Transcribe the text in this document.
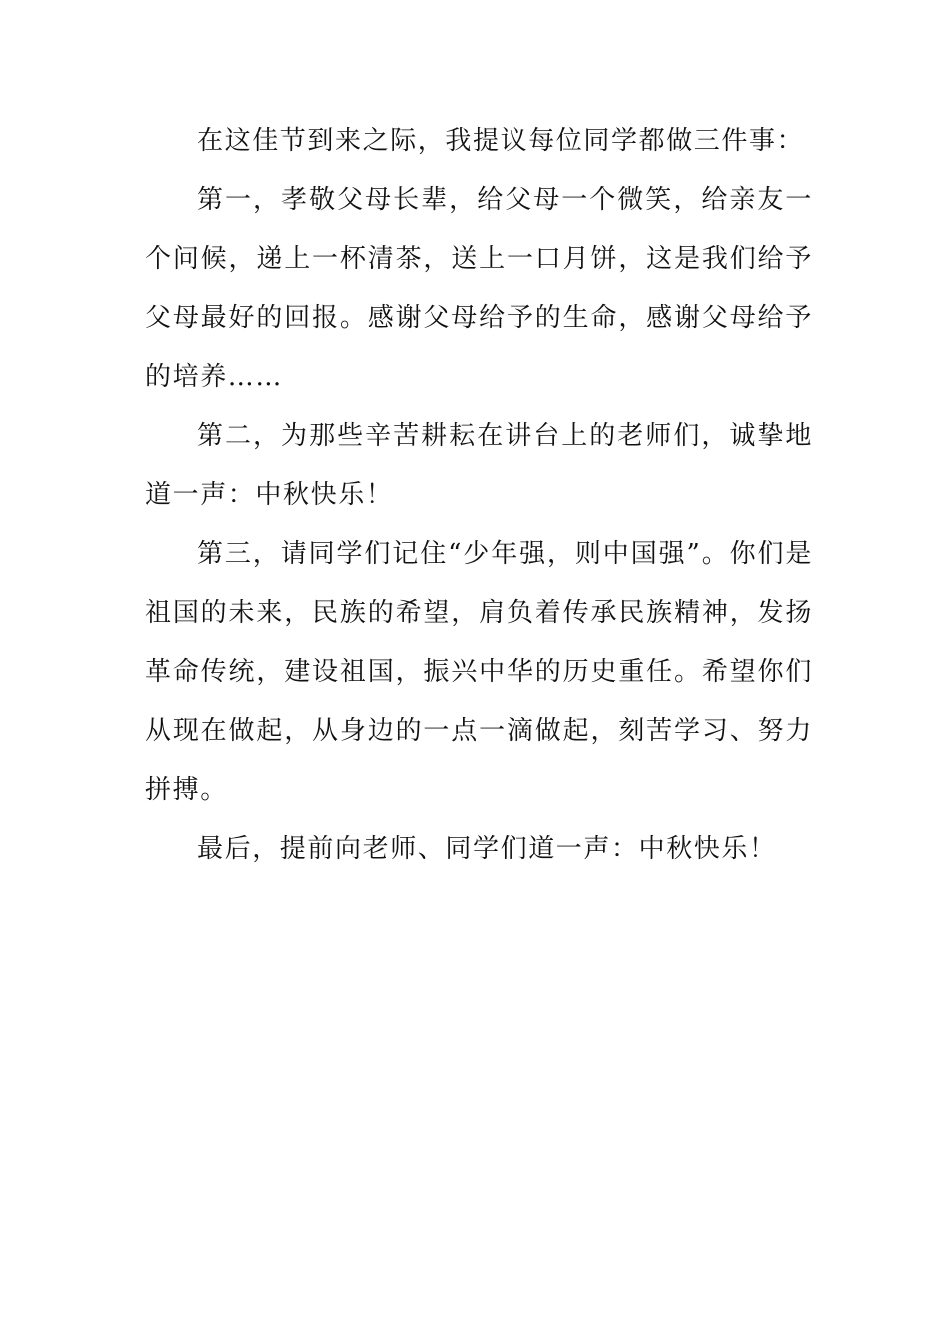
在这佳节到来之际，我提议每位同学都做三件事：

第一，孝敬父母长辈，给父母一个微笑，给亲友一个问候，递上一杯清茶，送上一口月饼，这是我们给予父母最好的回报。感谢父母给予的生命，感谢父母给予的培养……

第二，为那些辛苦耕耘在讲台上的老师们，诚挚地道一声：中秋快乐！

第三，请同学们记住“少年强，则中国强”。你们是祖国的未来，民族的希望，肩负着传承民族精神，发扬革命传统，建设祖国，振兴中华的历史重任。希望你们从现在做起，从身边的一点一滴做起，刻苦学习、努力拼搏。

最后，提前向老师、同学们道一声：中秋快乐！
